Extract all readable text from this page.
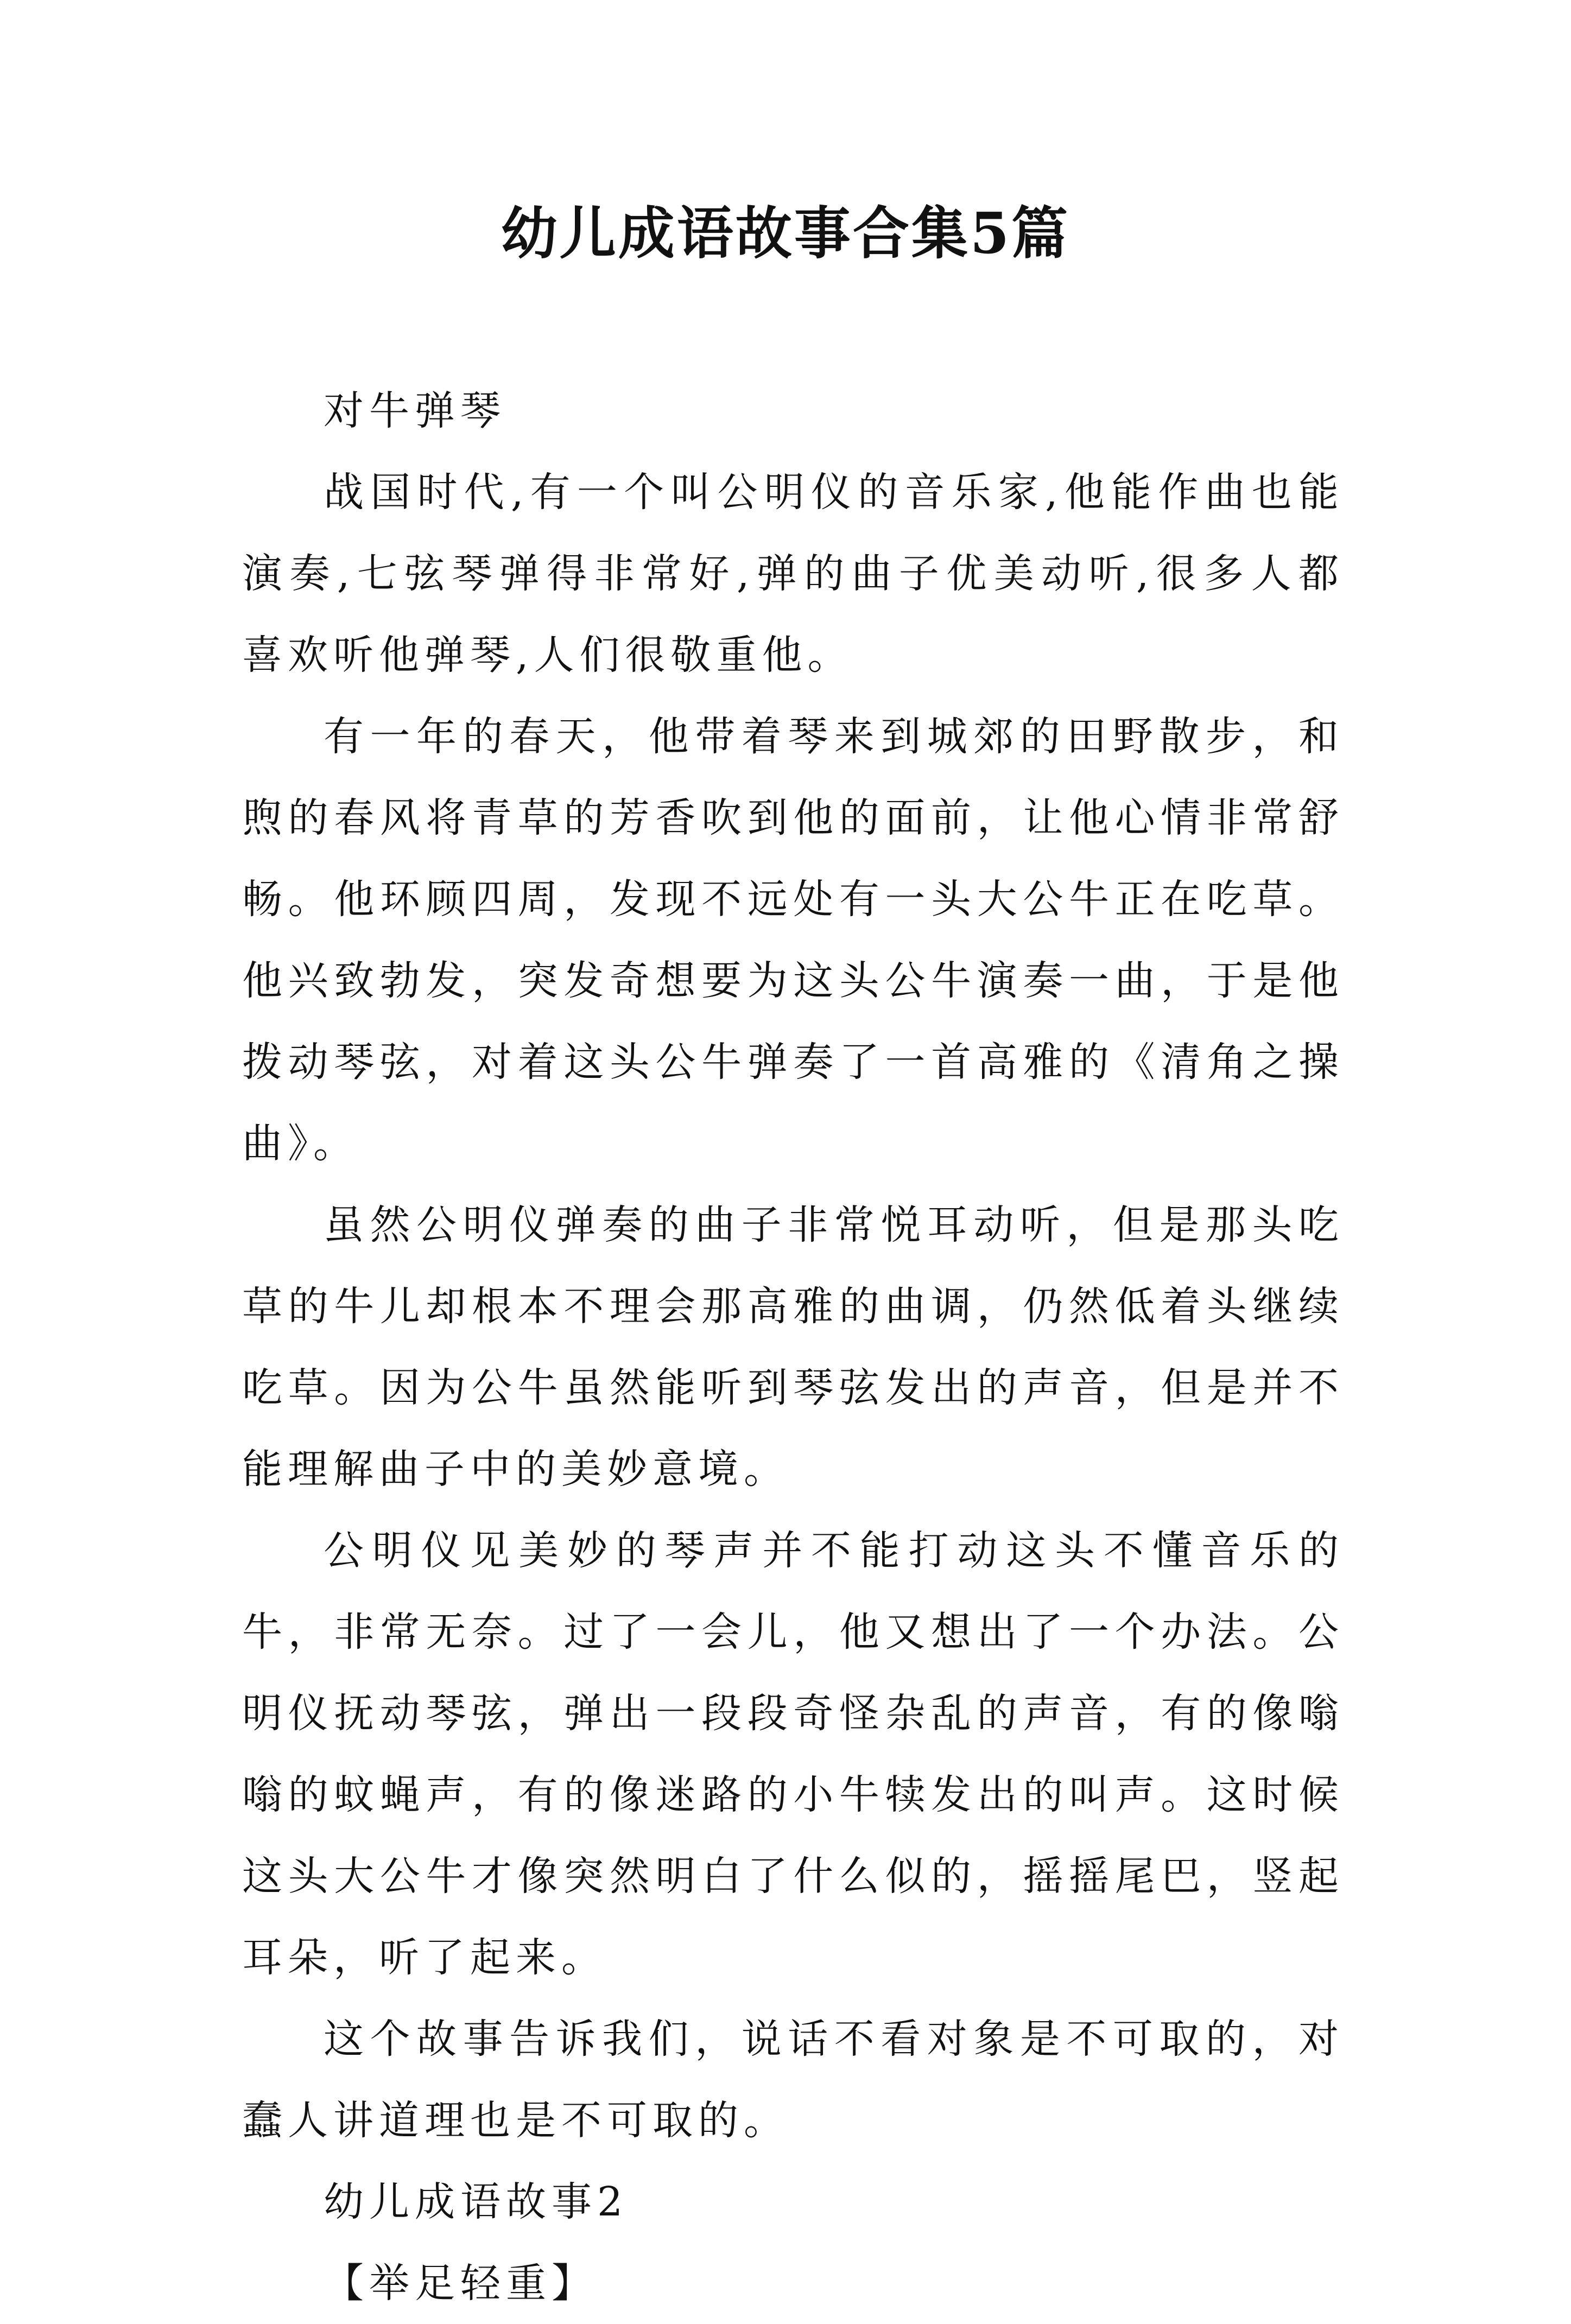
幼儿成语故事合集5篇

对牛弹琴

战国时代,有一个叫公明仪的音乐家,他能作曲也能演奏,七弦琴弹得非常好,弹的曲子优美动听,很多人都喜欢听他弹琴,人们很敬重他。

有一年的春天，他带着琴来到城郊的田野散步，和煦的春风将青草的芳香吹到他的面前，让他心情非常舒畅。他环顾四周，发现不远处有一头大公牛正在吃草。他兴致勃发，突发奇想要为这头公牛演奏一曲，于是他拨动琴弦，对着这头公牛弹奏了一首高雅的《清角之操曲》。

虽然公明仪弹奏的曲子非常悦耳动听，但是那头吃草的牛儿却根本不理会那高雅的曲调，仍然低着头继续吃草。因为公牛虽然能听到琴弦发出的声音，但是并不能理解曲子中的美妙意境。

公明仪见美妙的琴声并不能打动这头不懂音乐的牛，非常无奈。过了一会儿，他又想出了一个办法。公明仪抚动琴弦，弹出一段段奇怪杂乱的声音，有的像嗡嗡的蚊蝇声，有的像迷路的小牛犊发出的叫声。这时候这头大公牛才像突然明白了什么似的，摇摇尾巴，竖起耳朵，听了起来。

这个故事告诉我们，说话不看对象是不可取的，对蠢人讲道理也是不可取的。

幼儿成语故事2

【举足轻重】
